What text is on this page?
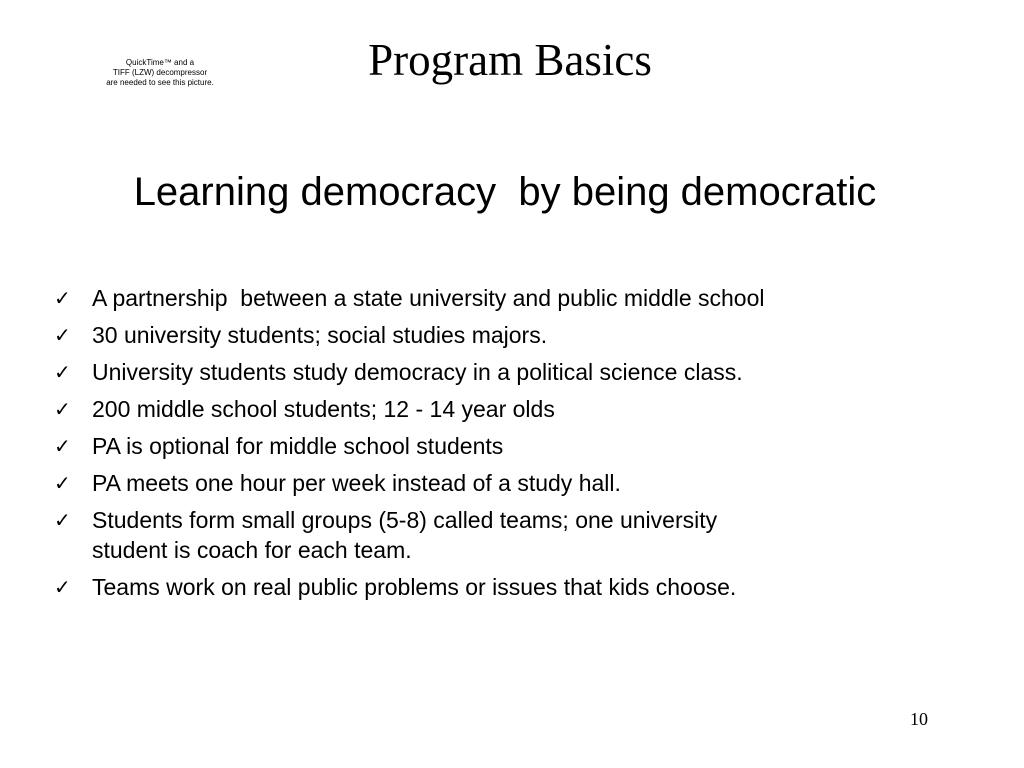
QuickTime™ and a
TIFF (LZW) decompressor
are needed to see this picture.	Program Basics
Learning democracy  by being democratic
✓ A partnership  between a state university and public middle school
✓ 30 university students; social studies majors.
✓ University students study democracy in a political science class.
✓ 200 middle school students; 12 - 14 year olds
✓ PA is optional for middle school students
✓ PA meets one hour per week instead of a study hall.
✓ Students form small groups (5-8) called teams; one university
student is coach for each team.
✓ Teams work on real public problems or issues that kids choose.
10
